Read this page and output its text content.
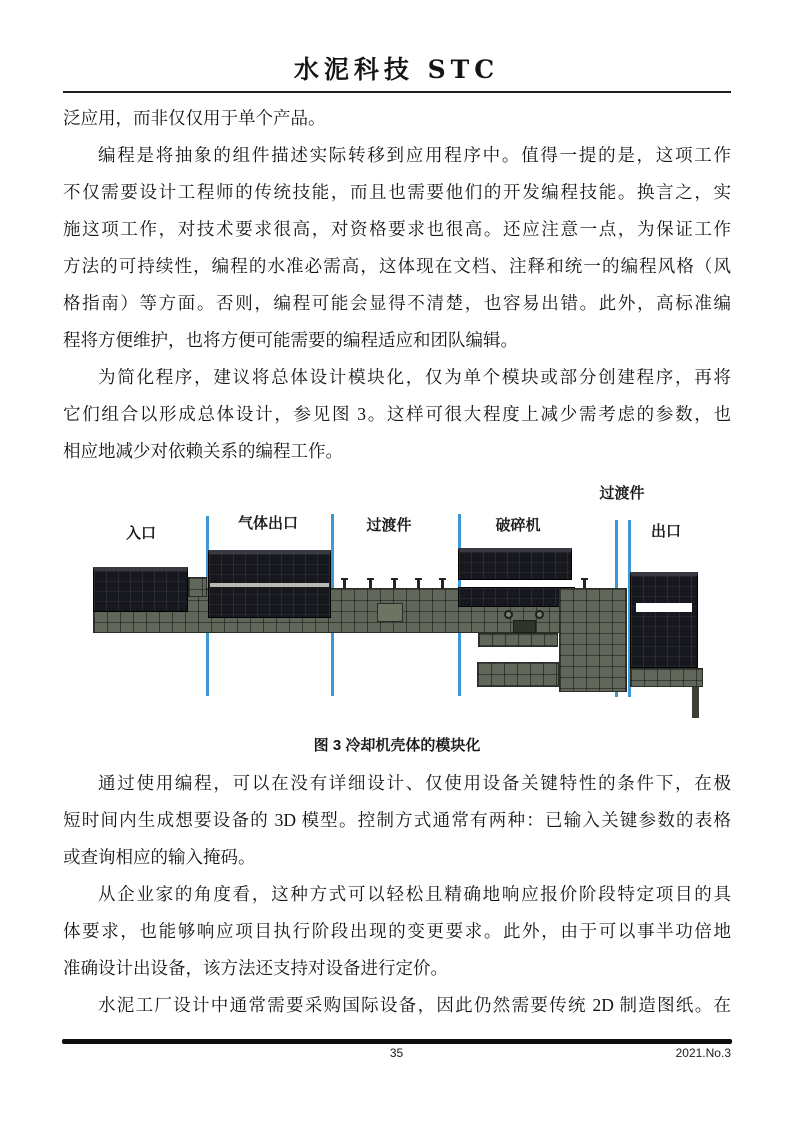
水泥科技 STC
泛应用，而非仅仅用于单个产品。
编程是将抽象的组件描述实际转移到应用程序中。值得一提的是，这项工作
不仅需要设计工程师的传统技能，而且也需要他们的开发编程技能。换言之，实
施这项工作，对技术要求很高，对资格要求也很高。还应注意一点，为保证工作
方法的可持续性，编程的水准必需高，这体现在文档、注释和统一的编程风格（风
格指南）等方面。否则，编程可能会显得不清楚，也容易出错。此外，高标准编
程将方便维护，也将方便可能需要的编程适应和团队编辑。
为简化程序，建议将总体设计模块化，仅为单个模块或部分创建程序，再将
它们组合以形成总体设计，参见图 3。这样可很大程度上减少需考虑的参数，也
相应地减少对依赖关系的编程工作。
入口
气体出口	过渡件	破碎机
过渡件
出口
图 3 冷却机壳体的模块化
通过使用编程，可以在没有详细设计、仅使用设备关键特性的条件下，在极
短时间内生成想要设备的 3D 模型。控制方式通常有两种：已输入关键参数的表格
或查询相应的输入掩码。
从企业家的角度看，这种方式可以轻松且精确地响应报价阶段特定项目的具
体要求，也能够响应项目执行阶段出现的变更要求。此外，由于可以事半功倍地
准确设计出设备，该方法还支持对设备进行定价。
水泥工厂设计中通常需要采购国际设备，因此仍然需要传统 2D 制造图纸。在
35	2021.No.3
